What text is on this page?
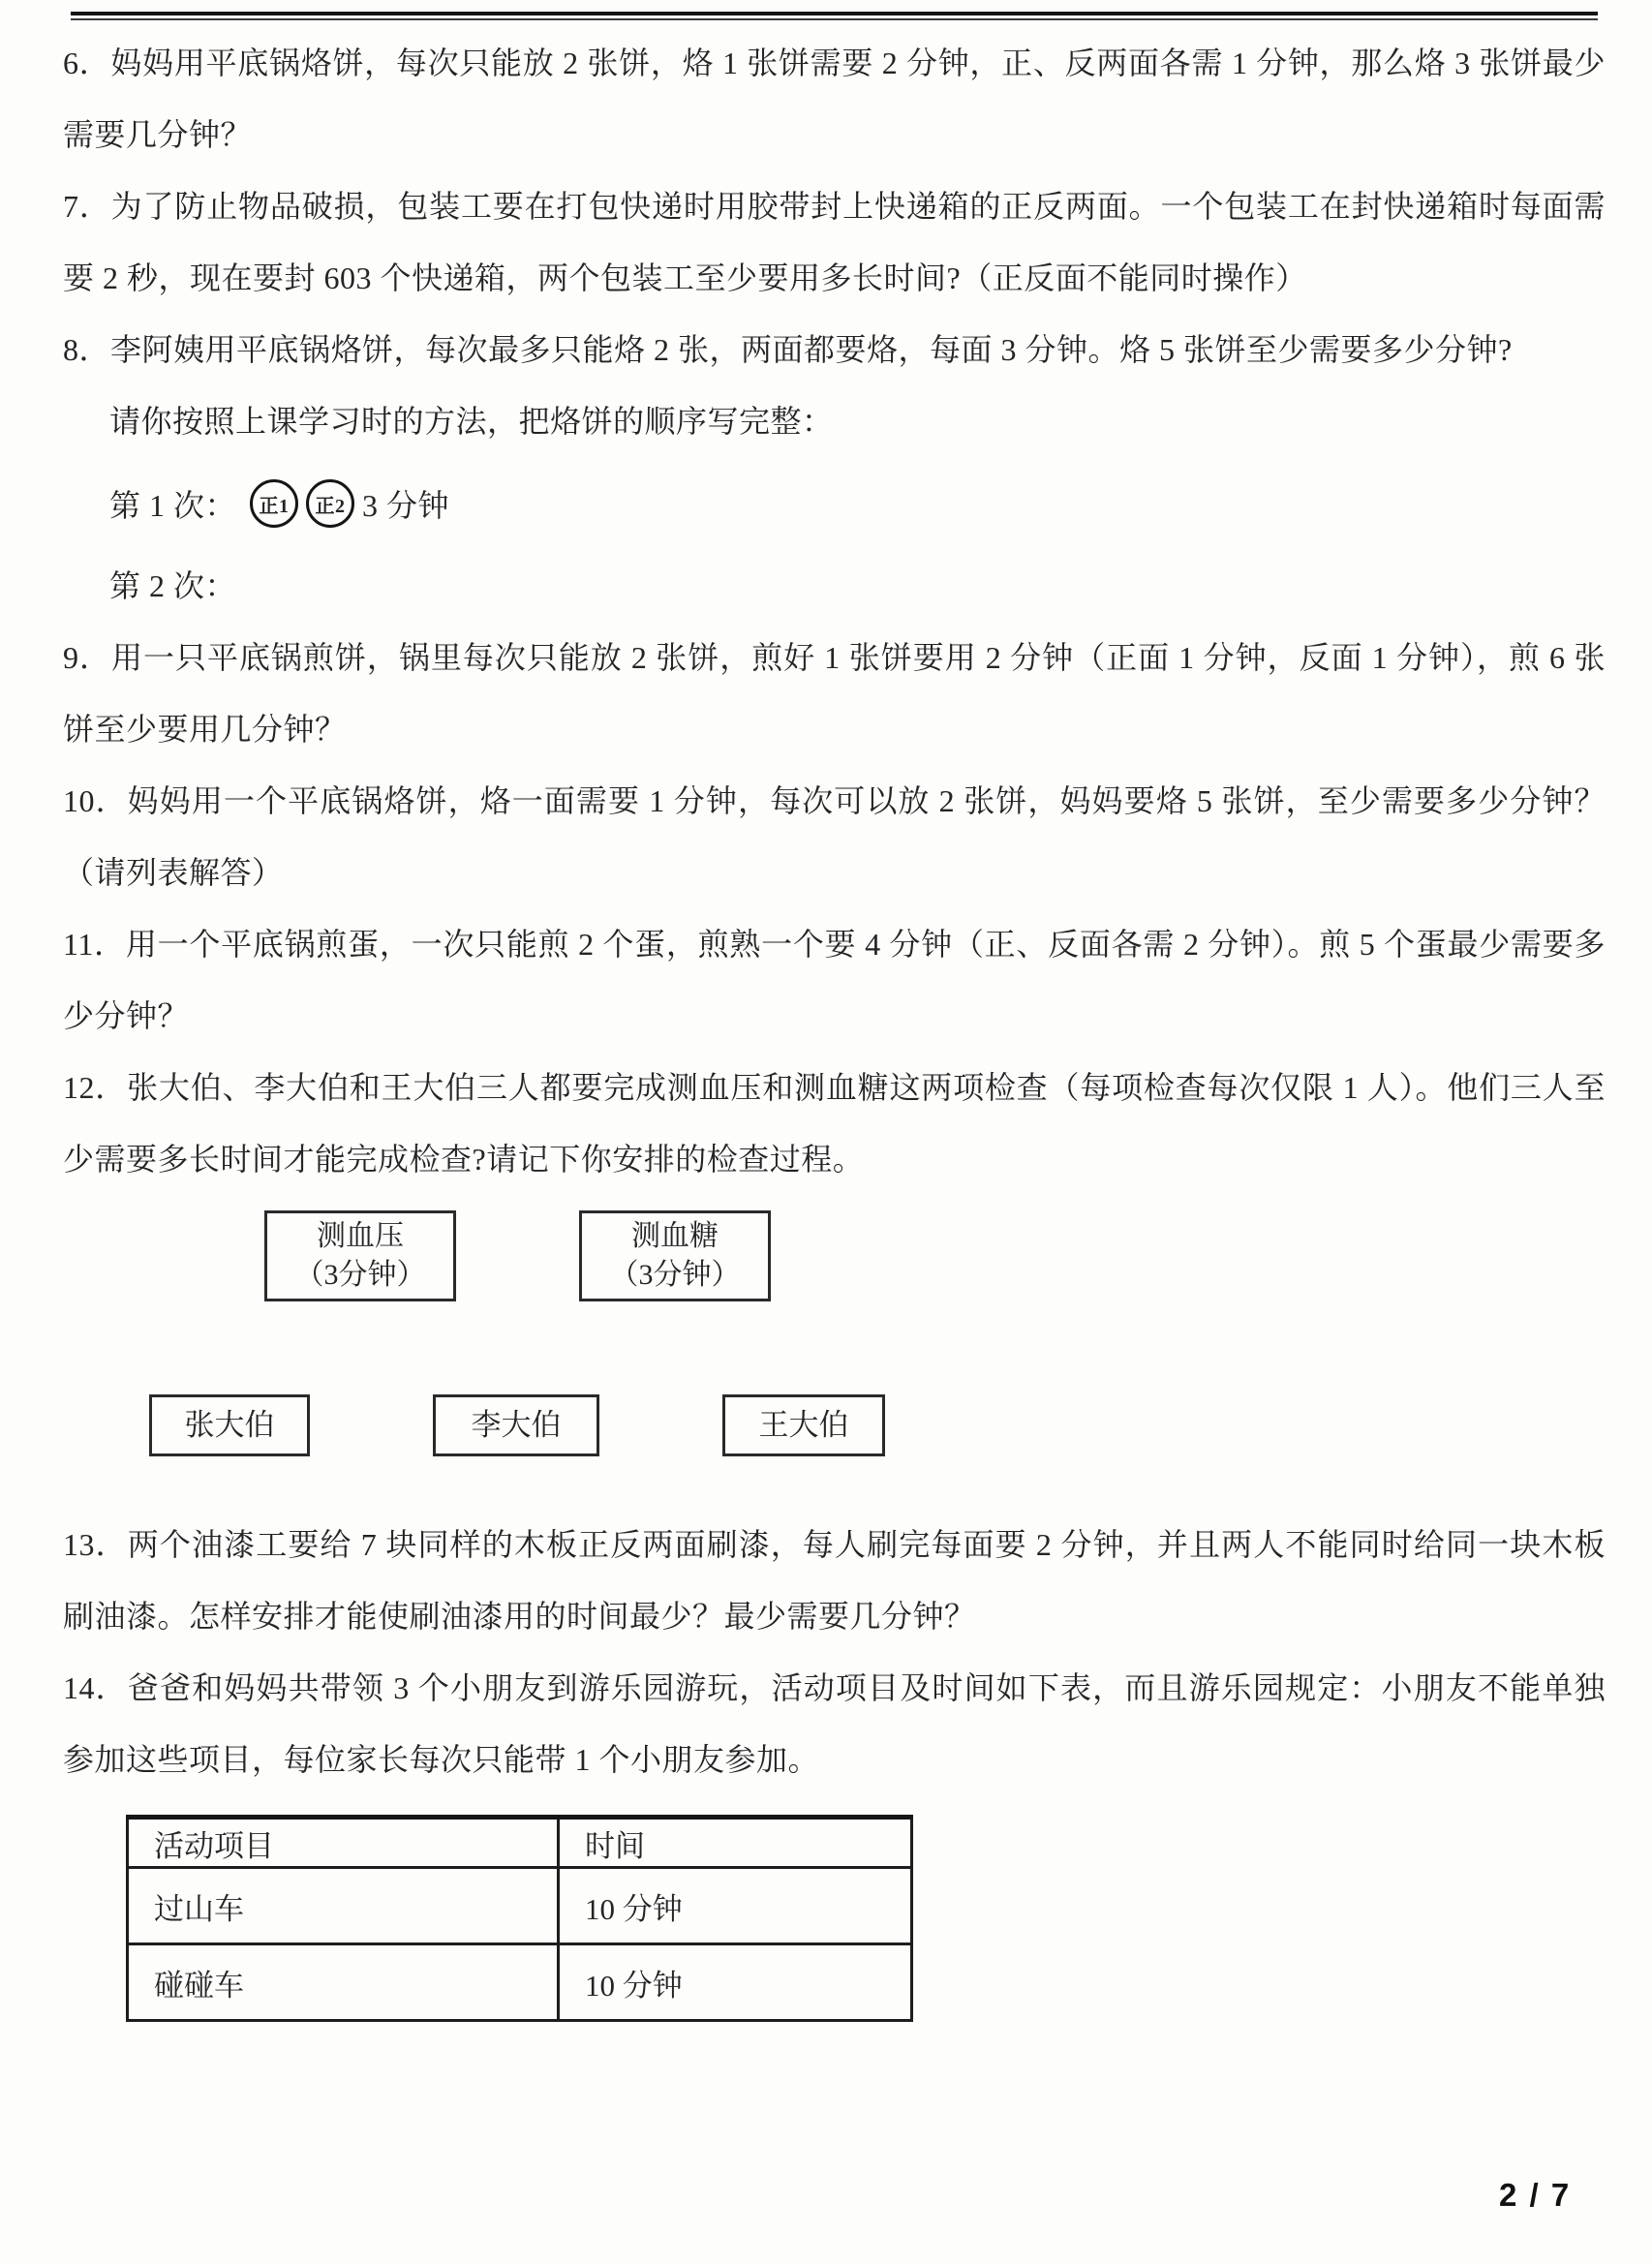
6．妈妈用平底锅烙饼，每次只能放 2 张饼，烙 1 张饼需要 2 分钟，正、反两面各需 1 分钟，那么烙 3 张饼最少需要几分钟？

7．为了防止物品破损，包装工要在打包快递时用胶带封上快递箱的正反两面。一个包装工在封快递箱时每面需要 2 秒，现在要封 603 个快递箱，两个包装工至少要用多长时间?（正反面不能同时操作）

8．李阿姨用平底锅烙饼，每次最多只能烙 2 张，两面都要烙，每面 3 分钟。烙 5 张饼至少需要多少分钟?

请你按照上课学习时的方法，把烙饼的顺序写完整：

第 1 次：	正1	正2 3 分钟

第 2 次：

9．用一只平底锅煎饼，锅里每次只能放 2 张饼，煎好 1 张饼要用 2 分钟（正面 1 分钟，反面 1 分钟），煎 6 张饼至少要用几分钟？

10．妈妈用一个平底锅烙饼，烙一面需要 1 分钟，每次可以放 2 张饼，妈妈要烙 5 张饼，至少需要多少分钟？ （请列表解答）

11．用一个平底锅煎蛋，一次只能煎 2 个蛋，煎熟一个要 4 分钟（正、反面各需 2 分钟）。煎 5 个蛋最少需要多少分钟？

12．张大伯、李大伯和王大伯三人都要完成测血压和测血糖这两项检查（每项检查每次仅限 1 人）。他们三人至少需要多长时间才能完成检查?请记下你安排的检查过程。

测血压
（3分钟）
测血糖
（3分钟）
张大伯	李大伯	王大伯

13．两个油漆工要给 7 块同样的木板正反两面刷漆，每人刷完每面要 2 分钟，并且两人不能同时给同一块木板刷油漆。怎样安排才能使刷油漆用的时间最少？最少需要几分钟？

14．爸爸和妈妈共带领 3 个小朋友到游乐园游玩，活动项目及时间如下表，而且游乐园规定：小朋友不能单独参加这些项目，每位家长每次只能带 1 个小朋友参加。

活动项目	时间
过山车	10 分钟
碰碰车	10 分钟
2 / 7
